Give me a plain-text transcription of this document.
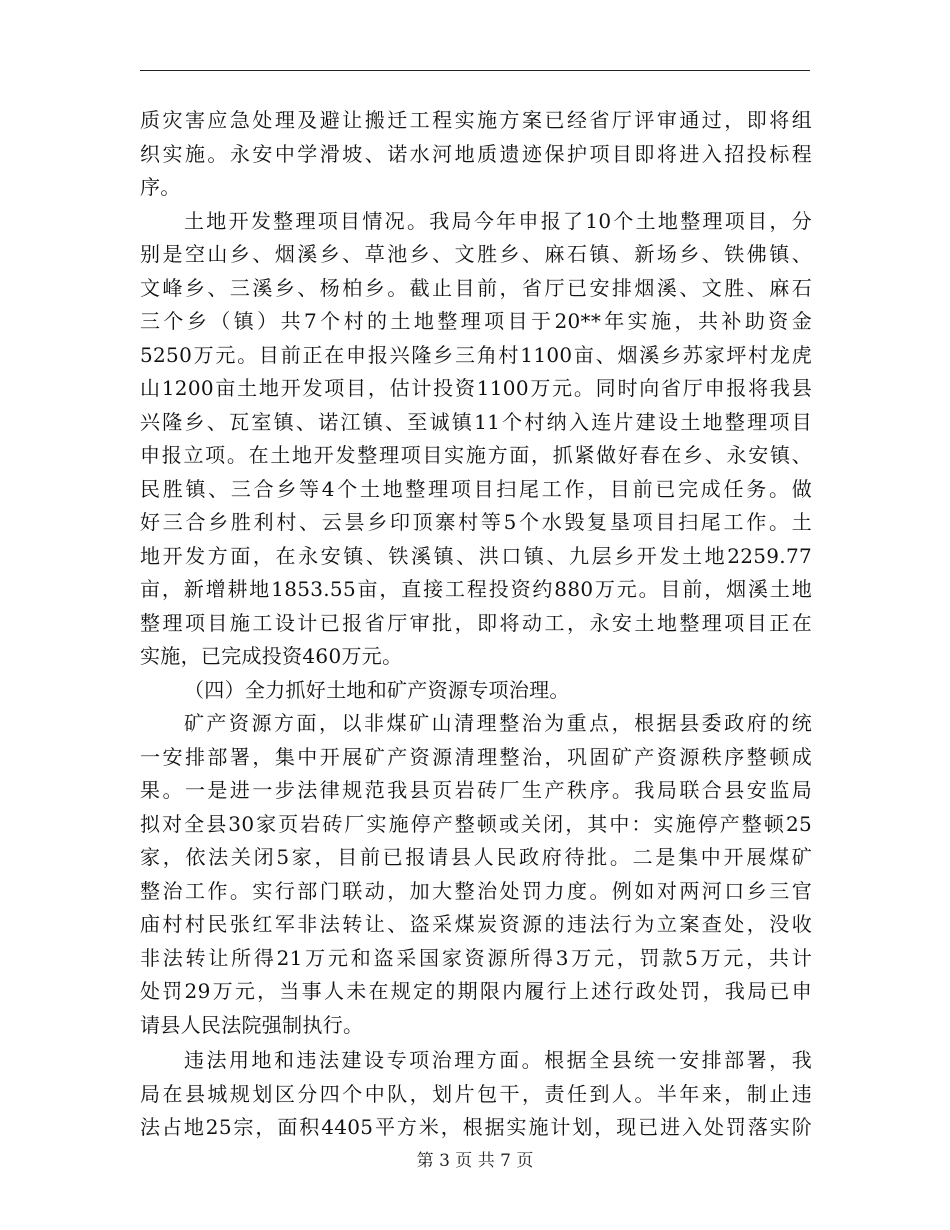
质灾害应急处理及避让搬迁工程实施方案已经省厅评审通过，即将组
织实施。永安中学滑坡、诺水河地质遗迹保护项目即将进入招投标程
序。
土地开发整理项目情况。我局今年申报了10个土地整理项目，分
别是空山乡、烟溪乡、草池乡、文胜乡、麻石镇、新场乡、铁佛镇、
文峰乡、三溪乡、杨柏乡。截止目前，省厅已安排烟溪、文胜、麻石
三个乡（镇）共7个村的土地整理项目于20**年实施，共补助资金
5250万元。目前正在申报兴隆乡三角村1100亩、烟溪乡苏家坪村龙虎
山1200亩土地开发项目，估计投资1100万元。同时向省厅申报将我县
兴隆乡、瓦室镇、诺江镇、至诚镇11个村纳入连片建设土地整理项目
申报立项。在土地开发整理项目实施方面，抓紧做好春在乡、永安镇、
民胜镇、三合乡等4个土地整理项目扫尾工作，目前已完成任务。做
好三合乡胜利村、云昙乡印顶寨村等5个水毁复垦项目扫尾工作。土
地开发方面，在永安镇、铁溪镇、洪口镇、九层乡开发土地2259.77
亩，新增耕地1853.55亩，直接工程投资约880万元。目前，烟溪土地
整理项目施工设计已报省厅审批，即将动工，永安土地整理项目正在
实施，已完成投资460万元。
（四）全力抓好土地和矿产资源专项治理。
矿产资源方面，以非煤矿山清理整治为重点，根据县委政府的统
一安排部署，集中开展矿产资源清理整治，巩固矿产资源秩序整顿成
果。一是进一步法律规范我县页岩砖厂生产秩序。我局联合县安监局
拟对全县30家页岩砖厂实施停产整顿或关闭，其中：实施停产整顿25
家，依法关闭5家，目前已报请县人民政府待批。二是集中开展煤矿
整治工作。实行部门联动，加大整治处罚力度。例如对两河口乡三官
庙村村民张红军非法转让、盗采煤炭资源的违法行为立案查处，没收
非法转让所得21万元和盗采国家资源所得3万元，罚款5万元，共计
处罚29万元，当事人未在规定的期限内履行上述行政处罚，我局已申
请县人民法院强制执行。
违法用地和违法建设专项治理方面。根据全县统一安排部署，我
局在县城规划区分四个中队，划片包干，责任到人。半年来，制止违
法占地25宗，面积4405平方米，根据实施计划，现已进入处罚落实阶
第 3 页 共 7 页
